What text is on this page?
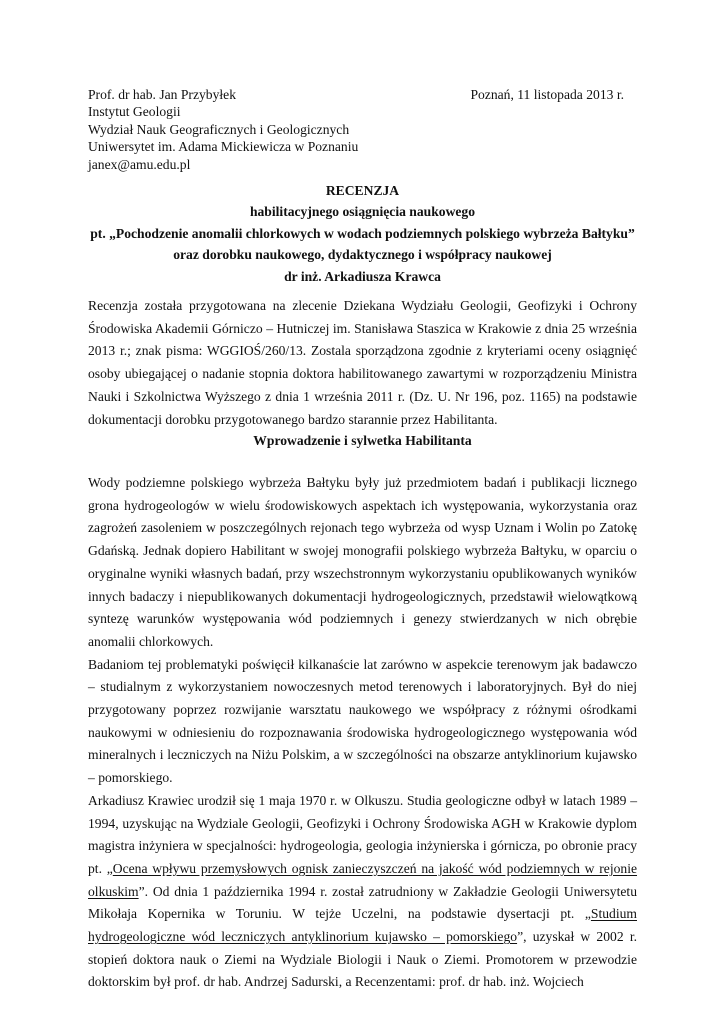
Prof. dr hab. Jan Przybyłek
Instytut Geologii
Wydział Nauk Geograficznych i Geologicznych
Uniwersytet im. Adama Mickiewicza w Poznaniu
janex@amu.edu.pl
Poznań, 11 listopada 2013 r.
RECENZJA
habilitacyjnego osiągnięcia naukowego
pt. „Pochodzenie anomalii chlorkowych w wodach podziemnych polskiego wybrzeża Bałtyku”
oraz dorobku naukowego, dydaktycznego i współpracy naukowej
dr inż. Arkadiusza Krawca

Recenzja została przygotowana na zlecenie Dziekana Wydziału Geologii, Geofizyki i Ochrony Środowiska Akademii Górniczo – Hutniczej im. Stanisława Staszica w Krakowie z dnia 25 września 2013 r.; znak pisma: WGGIOŚ/260/13. Zostala sporządzona zgodnie z kryteriami oceny osiągnięć osoby ubiegającej o nadanie stopnia doktora habilitowanego zawartymi w rozporządzeniu Ministra Nauki i Szkolnictwa Wyższego z dnia 1 września 2011 r. (Dz. U. Nr 196, poz. 1165) na podstawie dokumentacji dorobku przygotowanego bardzo starannie przez Habilitanta.

Wprowadzenie i sylwetka Habilitanta

Wody podziemne polskiego wybrzeża Bałtyku były już przedmiotem badań i publikacji licznego grona hydrogeologów w wielu środowiskowych aspektach ich występowania, wykorzystania oraz zagrożeń zasoleniem w poszczególnych rejonach tego wybrzeża od wysp Uznam i Wolin po Zatokę Gdańską. Jednak dopiero Habilitant w swojej monografii polskiego wybrzeża Bałtyku, w oparciu o oryginalne wyniki własnych badań, przy wszechstronnym wykorzystaniu opublikowanych wyników innych badaczy i niepublikowanych dokumentacji hydrogeologicznych, przedstawił wielowątkową syntezę warunków występowania wód podziemnych i genezy stwierdzanych w nich obrębie anomalii chlorkowych.

Badaniom tej problematyki poświęcił kilkanaście lat zarówno w aspekcie terenowym jak badawczo – studialnym z wykorzystaniem nowoczesnych metod terenowych i laboratoryjnych. Był do niej przygotowany poprzez rozwijanie warsztatu naukowego we współpracy z różnymi ośrodkami naukowymi w odniesieniu do rozpoznawania środowiska hydrogeologicznego występowania wód mineralnych i leczniczych na Niżu Polskim, a w szczególności na obszarze antyklinorium kujawsko – pomorskiego.

Arkadiusz Krawiec urodził się 1 maja 1970 r. w Olkuszu. Studia geologiczne odbył w latach 1989 – 1994, uzyskując na Wydziale Geologii, Geofizyki i Ochrony Środowiska AGH w Krakowie dyplom magistra inżyniera w specjalności: hydrogeologia, geologia inżynierska i górnicza, po obronie pracy pt. „Ocena wpływu przemysłowych ognisk zanieczyszczeń na jakość wód podziemnych w rejonie olkuskim”. Od dnia 1 października 1994 r. został zatrudniony w Zakładzie Geologii Uniwersytetu Mikołaja Kopernika w Toruniu. W tejże Uczelni, na podstawie dysertacji pt. „Studium hydrogeologiczne wód leczniczych antyklinorium kujawsko – pomorskiego”, uzyskał w 2002 r. stopień doktora nauk o Ziemi na Wydziale Biologii i Nauk o Ziemi. Promotorem w przewodzie doktorskim był prof. dr hab. Andrzej Sadurski, a Recenzentami: prof. dr hab. inż. Wojciech
